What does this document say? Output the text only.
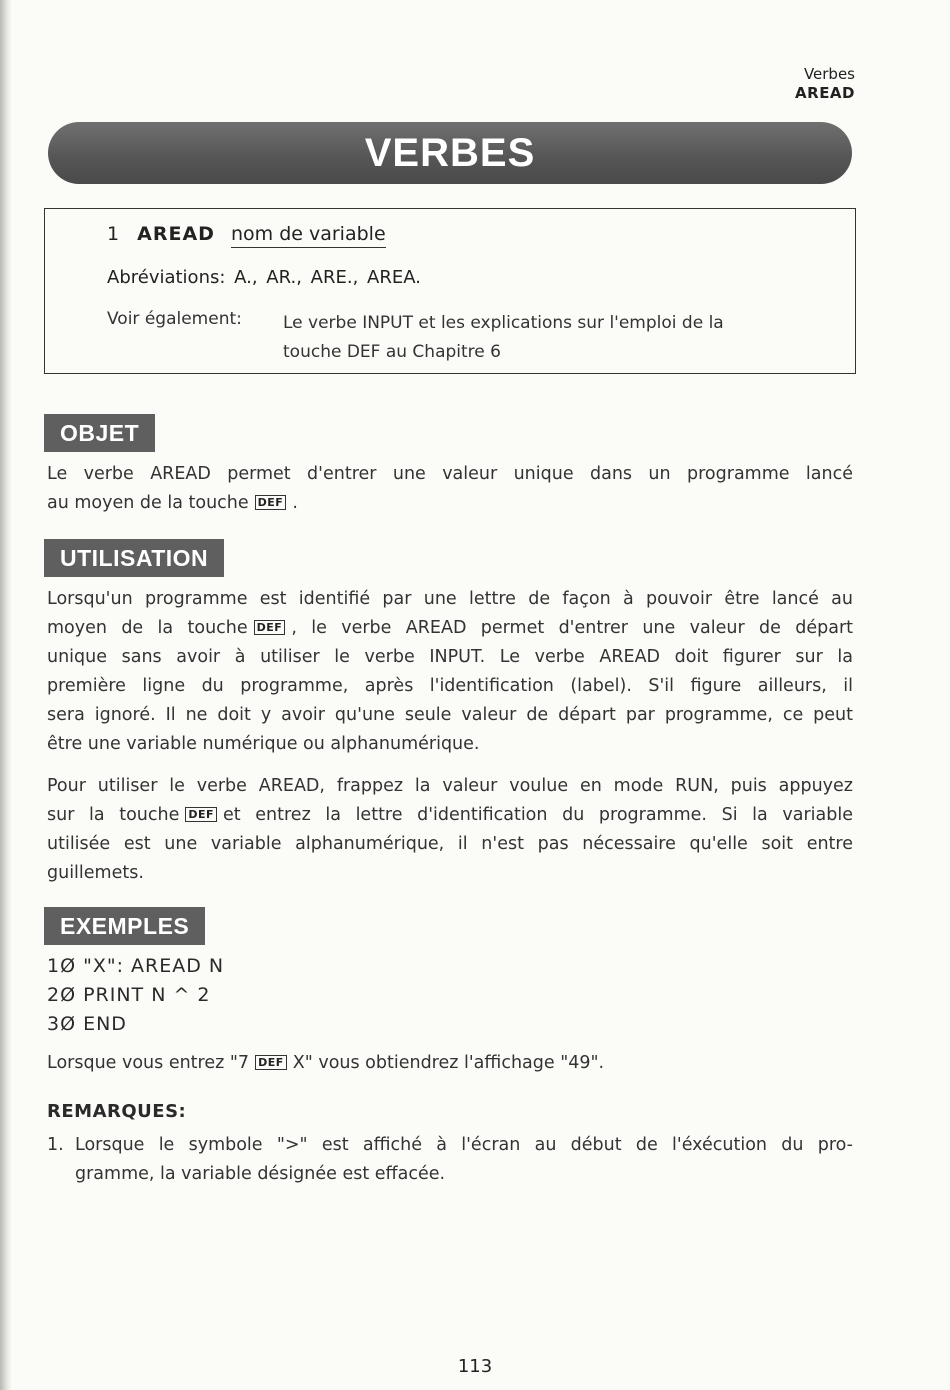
Verbes
AREAD
VERBES
1 AREAD nom de variable
Abréviations: A., AR., ARE., AREA.
Voir également: Le verbe INPUT et les explications sur l'emploi de la
touche DEF au Chapitre 6
OBJET
Le verbe AREAD permet d'entrer une valeur unique dans un programme lancé
au moyen de la touche DEF .
UTILISATION
Lorsqu'un programme est identifié par une lettre de façon à pouvoir être lancé au
moyen de la touche DEF , le verbe AREAD permet d'entrer une valeur de départ
unique sans avoir à utiliser le verbe INPUT. Le verbe AREAD doit figurer sur la
première ligne du programme, après l'identification (label). S'il figure ailleurs, il
sera ignoré. Il ne doit y avoir qu'une seule valeur de départ par programme, ce peut
être une variable numérique ou alphanumérique.
Pour utiliser le verbe AREAD, frappez la valeur voulue en mode RUN, puis appuyez
sur la touche DEF et entrez la lettre d'identification du programme. Si la variable
utilisée est une variable alphanumérique, il n'est pas nécessaire qu'elle soit entre
guillemets.
EXEMPLES
1Ø "X": AREAD N
2Ø PRINT N ^ 2
3Ø END
Lorsque vous entrez "7 DEF X" vous obtiendrez l'affichage "49".
REMARQUES:
1. Lorsque le symbole ">" est affiché à l'écran au début de l'éxécution du pro-
gramme, la variable désignée est effacée.
113
